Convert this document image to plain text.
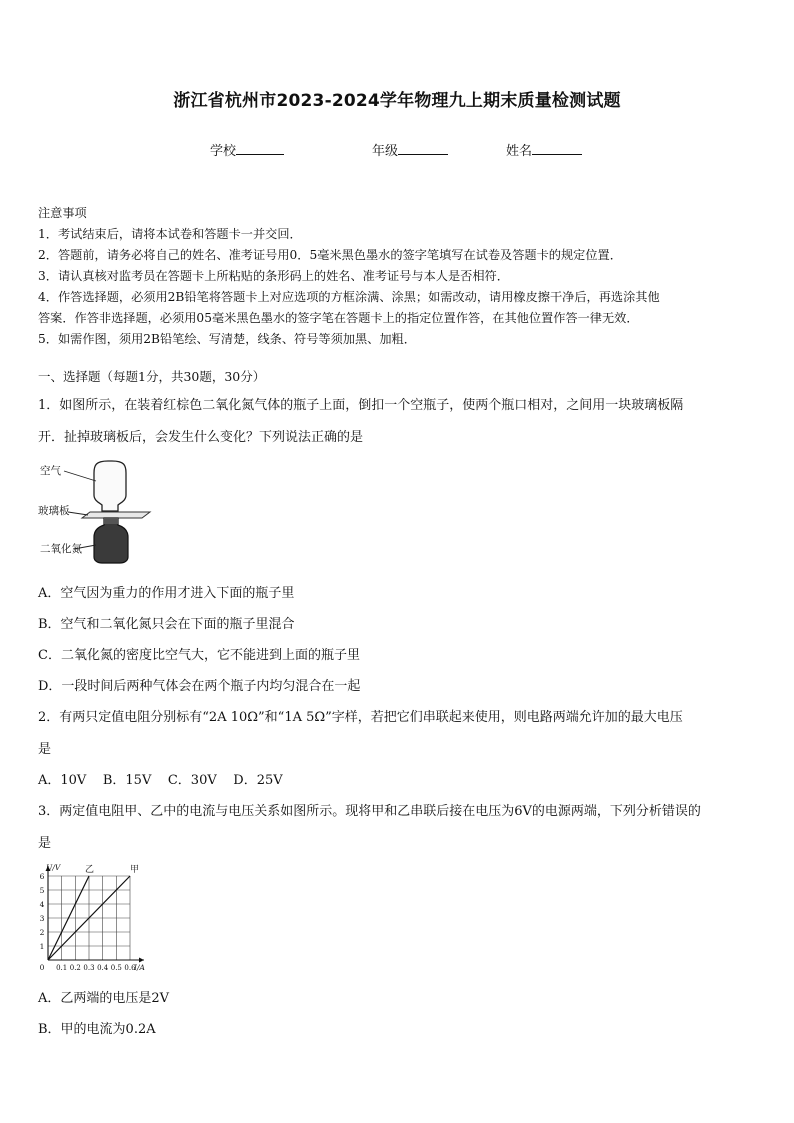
浙江省杭州市2023-2024学年物理九上期末质量检测试题
学校	年级	姓名
注意事项
1．考试结束后，请将本试卷和答题卡一并交回．
2．答题前，请务必将自己的姓名、准考证号用0．5毫米黑色墨水的签字笔填写在试卷及答题卡的规定位置．
3．请认真核对监考员在答题卡上所粘贴的条形码上的姓名、准考证号与本人是否相符．
4．作答选择题，必须用2B铅笔将答题卡上对应选项的方框涂满、涂黑；如需改动，请用橡皮擦干净后，再选涂其他
答案．作答非选择题，必须用05毫米黑色墨水的签字笔在答题卡上的指定位置作答，在其他位置作答一律无效．
5．如需作图，须用2B铅笔绘、写清楚，线条、符号等须加黑、加粗．
一、选择题（每题1分，共30题，30分）
1．如图所示，在装着红棕色二氧化氮气体的瓶子上面，倒扣一个空瓶子，使两个瓶口相对，之间用一块玻璃板隔
开．扯掉玻璃板后，会发生什么变化？下列说法正确的是
空气
玻璃板
二氧化氮
A．空气因为重力的作用才进入下面的瓶子里
B．空气和二氧化氮只会在下面的瓶子里混合
C．二氧化氮的密度比空气大，它不能进到上面的瓶子里
D．一段时间后两种气体会在两个瓶子内均匀混合在一起
2．有两只定值电阻分别标有“2A 10Ω”和“1A 5Ω”字样，若把它们串联起来使用，则电路两端允许加的最大电压
是
A．10V    B．15V    C．30V    D．25V
3．两定值电阻甲、乙中的电流与电压关系如图所示。现将甲和乙串联后接在电压为6V的电源两端，下列分析错误的
是
0.1 0.2 0.3 0.4 0.5 0.6
1
2
3
4
5
6
0	I/A
U/V	甲
乙
A．乙两端的电压是2V
B．甲的电流为0.2A
